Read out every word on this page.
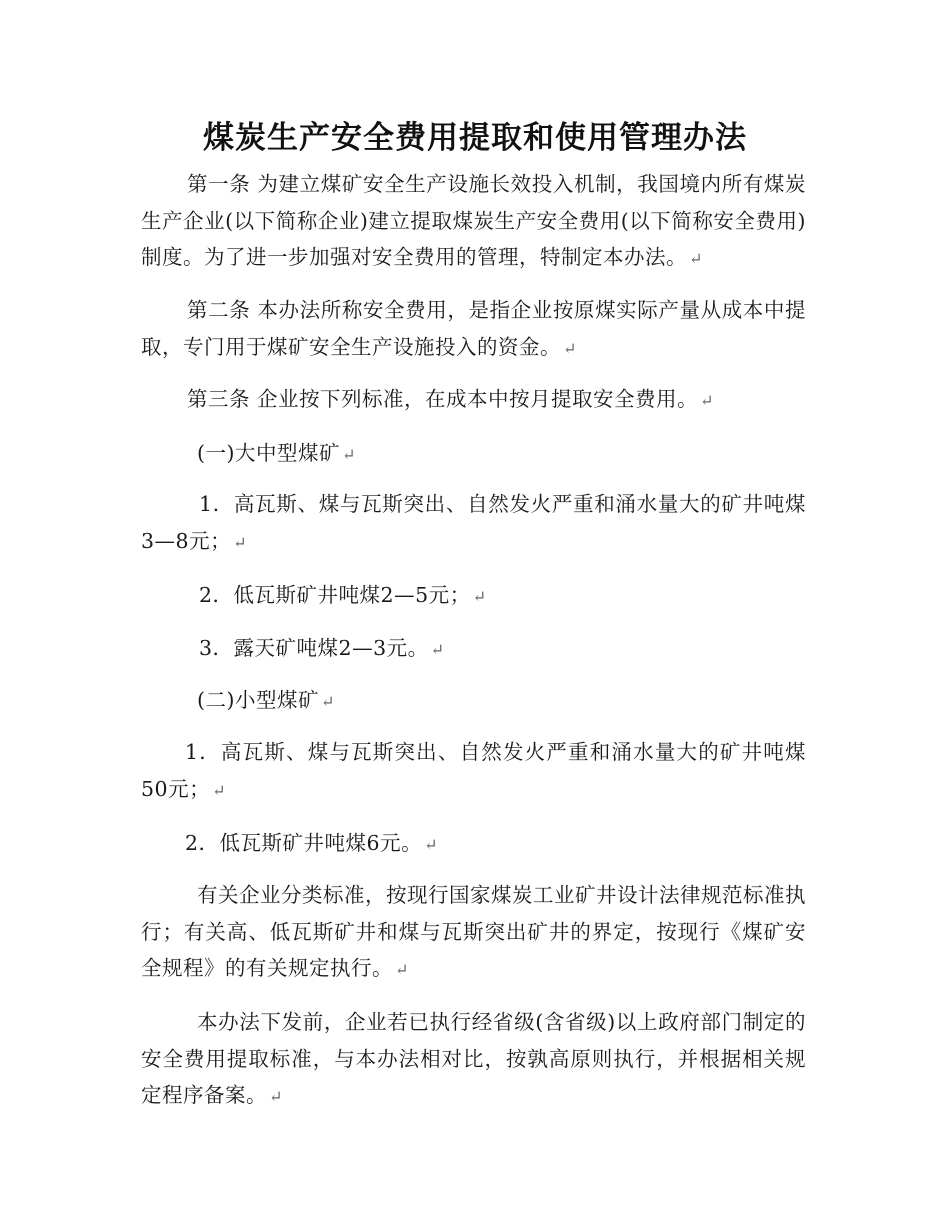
煤炭生产安全费用提取和使用管理办法

第一条 为建立煤矿安全生产设施长效投入机制，我国境内所有煤炭生产企业(以下简称企业)建立提取煤炭生产安全费用(以下简称安全费用)制度。为了进一步加强对安全费用的管理，特制定本办法。 ↵

第二条 本办法所称安全费用，是指企业按原煤实际产量从成本中提取，专门用于煤矿安全生产设施投入的资金。 ↵

第三条 企业按下列标准，在成本中按月提取安全费用。 ↵

(一)大中型煤矿 ↵

1．高瓦斯、煤与瓦斯突出、自然发火严重和涌水量大的矿井吨煤3—8元； ↵

2．低瓦斯矿井吨煤2—5元； ↵

3．露天矿吨煤2—3元。 ↵

(二)小型煤矿 ↵

1．高瓦斯、煤与瓦斯突出、自然发火严重和涌水量大的矿井吨煤50元； ↵

2．低瓦斯矿井吨煤6元。 ↵

有关企业分类标准，按现行国家煤炭工业矿井设计法律规范标准执行；有关高、低瓦斯矿井和煤与瓦斯突出矿井的界定，按现行《煤矿安全规程》的有关规定执行。 ↵

本办法下发前，企业若已执行经省级(含省级)以上政府部门制定的安全费用提取标准，与本办法相对比，按孰高原则执行，并根据相关规定程序备案。 ↵
